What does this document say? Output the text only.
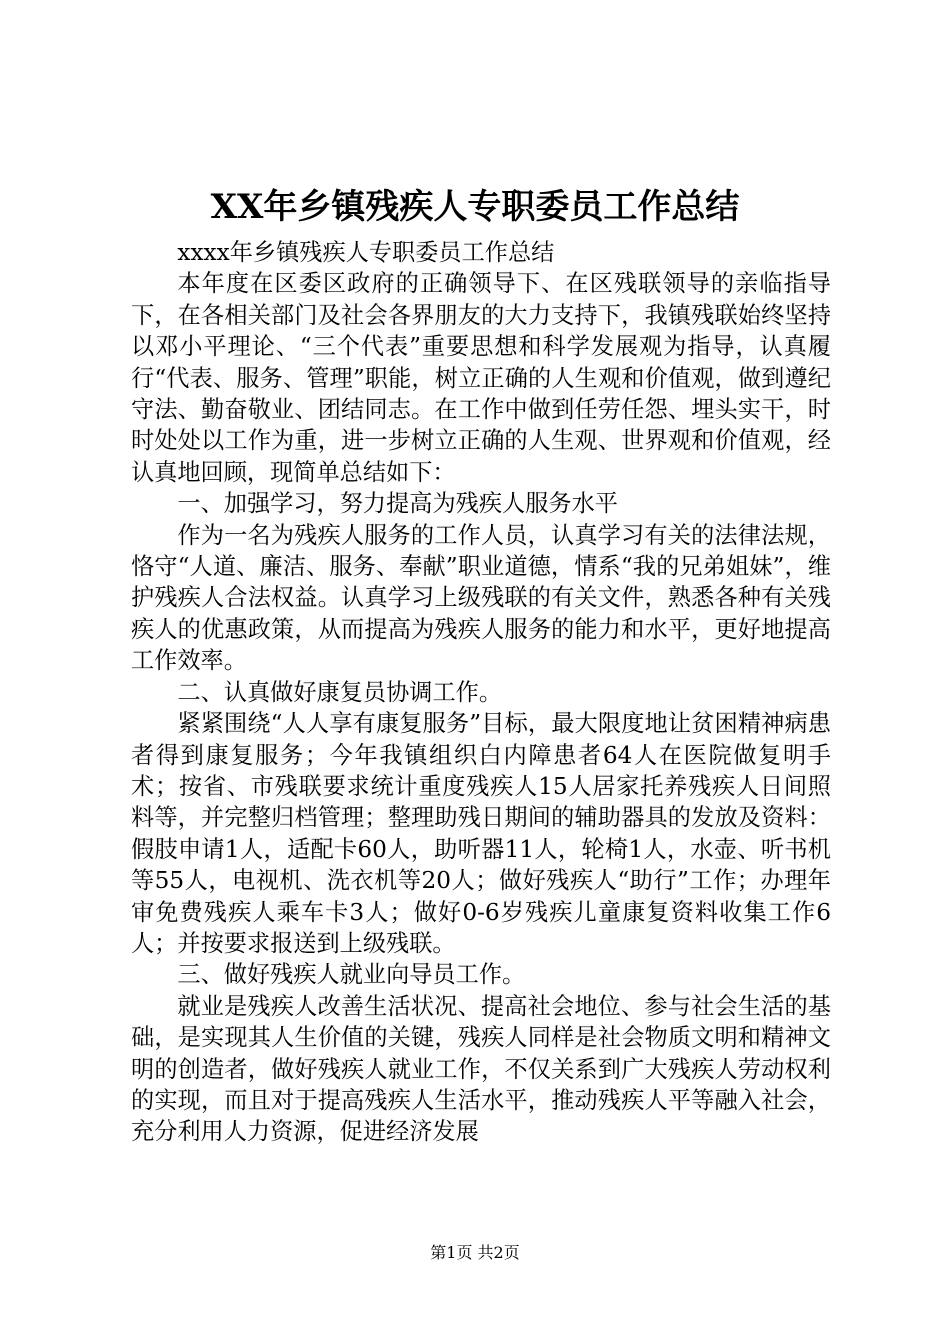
XX年乡镇残疾人专职委员工作总结

xxxx年乡镇残疾人专职委员工作总结

本年度在区委区政府的正确领导下、在区残联领导的亲临指导下，在各相关部门及社会各界朋友的大力支持下，我镇残联始终坚持以邓小平理论、“三个代表”重要思想和科学发展观为指导，认真履行“代表、服务、管理”职能，树立正确的人生观和价值观，做到遵纪守法、勤奋敬业、团结同志。在工作中做到任劳任怨、埋头实干，时时处处以工作为重，进一步树立正确的人生观、世界观和价值观，经认真地回顾，现简单总结如下：

一、加强学习，努力提高为残疾人服务水平

作为一名为残疾人服务的工作人员，认真学习有关的法律法规，恪守“人道、廉洁、服务、奉献”职业道德，情系“我的兄弟姐妹”，维护残疾人合法权益。认真学习上级残联的有关文件，熟悉各种有关残疾人的优惠政策，从而提高为残疾人服务的能力和水平，更好地提高工作效率。

二、认真做好康复员协调工作。

紧紧围绕“人人享有康复服务”目标，最大限度地让贫困精神病患者得到康复服务；今年我镇组织白内障患者64人在医院做复明手术；按省、市残联要求统计重度残疾人15人居家托养残疾人日间照料等，并完整归档管理；整理助残日期间的辅助器具的发放及资料：假肢申请1人，适配卡60人，助听器11人，轮椅1人，水壶、听书机等55人，电视机、洗衣机等20人；做好残疾人“助行”工作；办理年审免费残疾人乘车卡3人；做好0-6岁残疾儿童康复资料收集工作6人；并按要求报送到上级残联。

三、做好残疾人就业向导员工作。

就业是残疾人改善生活状况、提高社会地位、参与社会生活的基础，是实现其人生价值的关键，残疾人同样是社会物质文明和精神文明的创造者，做好残疾人就业工作，不仅关系到广大残疾人劳动权利的实现，而且对于提高残疾人生活水平，推动残疾人平等融入社会，充分利用人力资源，促进经济发展

第1页 共2页
